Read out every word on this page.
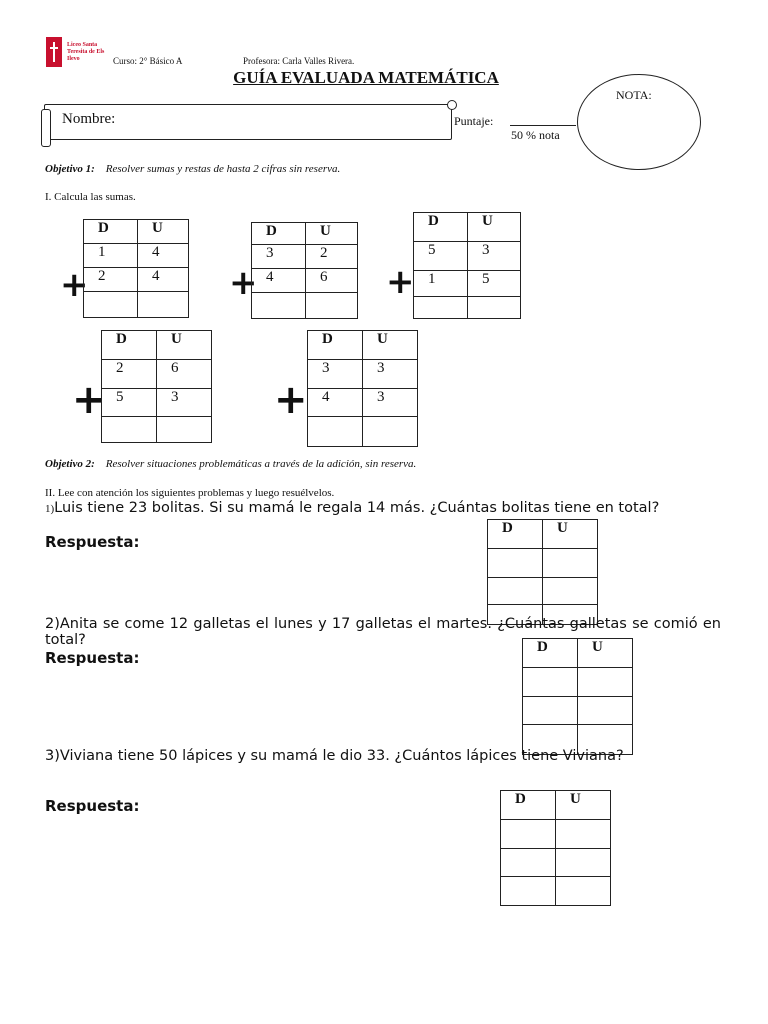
Liceo Santa Teresita de Els Ilevo	Curso: 2° Básico A	Profesora: Carla Valles Rivera.
GUÍA EVALUADA MATEMÁTICA
Nombre:	Puntaje:
50 % nota
NOTA:
Objetivo 1: Resolver sumas y restas de hasta 2 cifras sin reserva.
I. Calcula las sumas.
+
D	U
1	4
2	4
	+
D	U
3	2
4	6
	+
D	U
5	3
1	5

+
D	U
2	6
5	3
	+
D	U
3	3
4	3

Objetivo 2: Resolver situaciones problemáticas a través de la adición, sin reserva.
II. Lee con atención los siguientes problemas y luego resuélvelos.
1)Luis tiene 23 bolitas. Si su mamá le regala 14 más. ¿Cuántas bolitas tiene en total?
Respuesta:
D	U

2)Anita se come 12 galletas el lunes y 17 galletas el martes. ¿Cuántas galletas se comió en total?
Respuesta:
D	U

3)Viviana tiene 50 lápices y su mamá le dio 33. ¿Cuántos lápices tiene Viviana?
Respuesta:	D	U
